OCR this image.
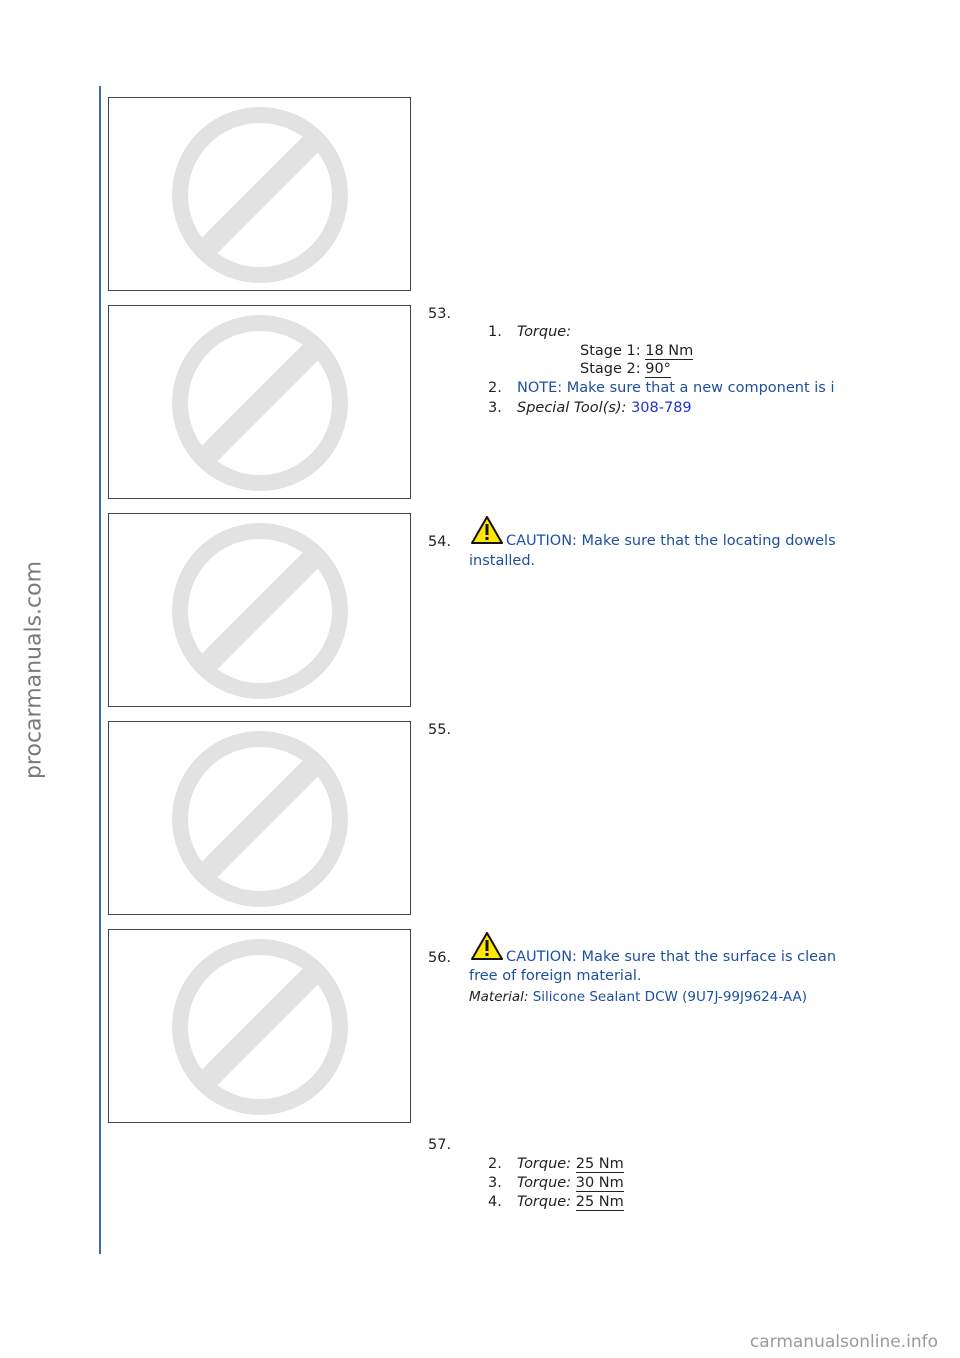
procarmanuals.com
53.
1. Torque:
Stage 1: 18 Nm
Stage 2: 90°
2. NOTE: Make sure that a new component is i
3. Special Tool(s): 308-789
54.	CAUTION: Make sure that the locating dowels
installed.
55.
56.	CAUTION: Make sure that the surface is clean
free of foreign material.
Material: Silicone Sealant DCW (9U7J-99J9624-AA)
57.
2. Torque: 25 Nm
3. Torque: 30 Nm
4. Torque: 25 Nm
carmanualsonline.info
